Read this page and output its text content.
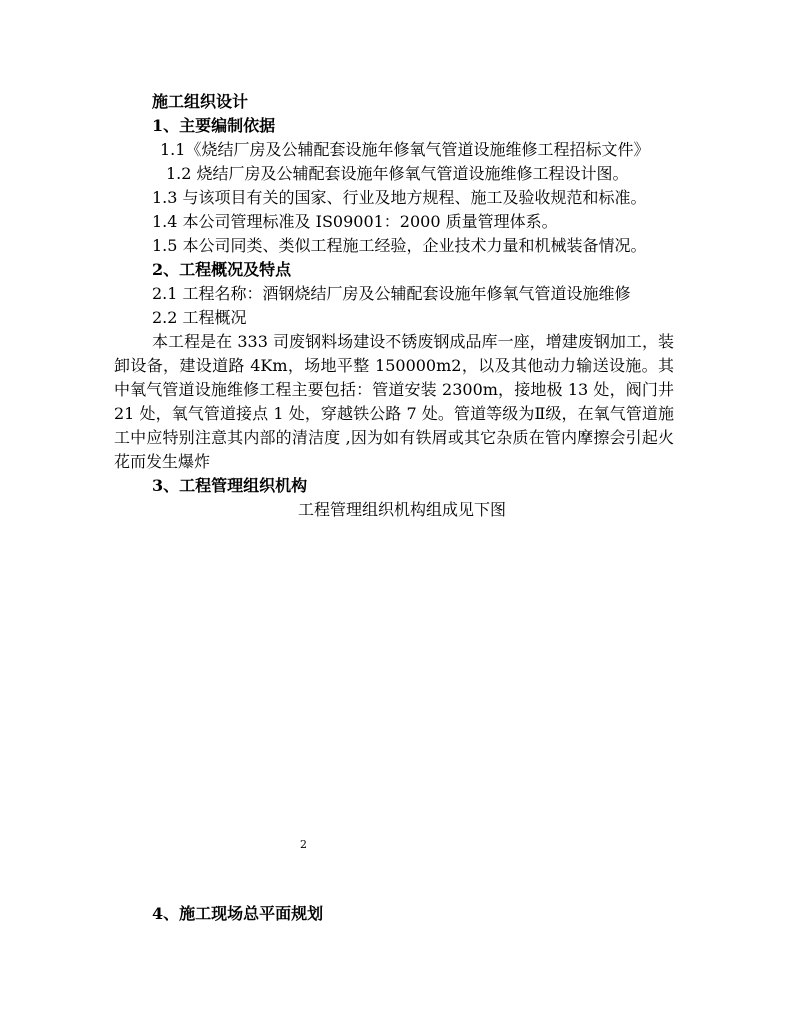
施工组织设计
1、主要编制依据
1.1《烧结厂房及公辅配套设施年修氧气管道设施维修工程招标文件》
1.2 烧结厂房及公辅配套设施年修氧气管道设施维修工程设计图。
1.3 与该项目有关的国家、行业及地方规程、施工及验收规范和标准。
1.4 本公司管理标准及 IS09001：2000 质量管理体系。
1.5 本公司同类、类似工程施工经验，企业技术力量和机械装备情况。
2、工程概况及特点
2.1 工程名称：酒钢烧结厂房及公辅配套设施年修氧气管道设施维修
2.2 工程概况
本工程是在 333 司废钢料场建设不锈废钢成品库一座，增建废钢加工，装卸设备，建设道路 4Km，场地平整 150000m2，以及其他动力输送设施。其中氧气管道设施维修工程主要包括：管道安装 2300m，接地极 13 处，阀门井 21 处，氧气管道接点 1 处，穿越铁公路 7 处。管道等级为Ⅱ级，在氧气管道施工中应特别注意其内部的清洁度 ,因为如有铁屑或其它杂质在管内摩擦会引起火花而发生爆炸
3、工程管理组织机构
工程管理组织机构组成见下图
2
4、施工现场总平面规划
